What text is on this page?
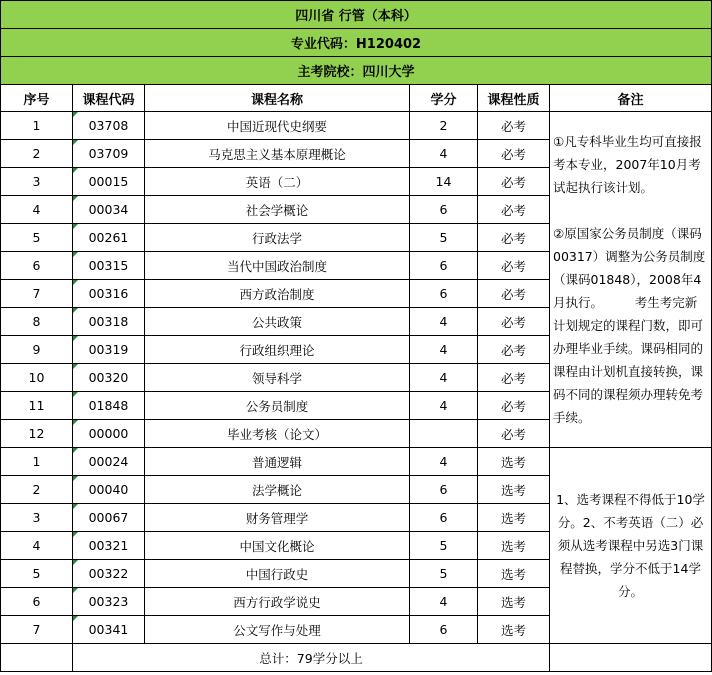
四川省 行管（本科）					
专业代码：H120402					
主考院校：四川大学					
序号	课程代码	课程名称	学分	课程性质	备注
1	03708	中国近现代史纲要	2	必考	①凡专科毕业生均可直接报考本专业，2007年10月考试起执行该计划。

②原国家公务员制度（课码00317）调整为公务员制度（课码01848），2008年4月执行。        考生考完新计划规定的课程门数，即可办理毕业手续。课码相同的课程由计划机直接转换，课码不同的课程须办理转免考手续。

2	03709	马克思主义基本原理概论	4	必考	
3	00015	英语（二）	14	必考	
4	00034	社会学概论	6	必考	
5	00261	行政法学	5	必考	
6	00315	当代中国政治制度	6	必考	
7	00316	西方政治制度	6	必考	
8	00318	公共政策	4	必考	
9	00319	行政组织理论	4	必考	
10	00320	领导科学	4	必考	
11	01848	公务员制度	4	必考	
12	00000	毕业考核（论文）		必考	
1	00024	普通逻辑	4	选考	1、选考课程不得低于10学分。2、不考英语（二）必须从选考课程中另选3门课程替换，学分不低于14学分。

2	00040	法学概论	6	选考	
3	00067	财务管理学	6	选考	
4	00321	中国文化概论	5	选考	
5	00322	中国行政史	5	选考	
6	00323	西方行政学说史	4	选考	
7	00341	公文写作与处理	6	选考	
	总计：79学分以上				
